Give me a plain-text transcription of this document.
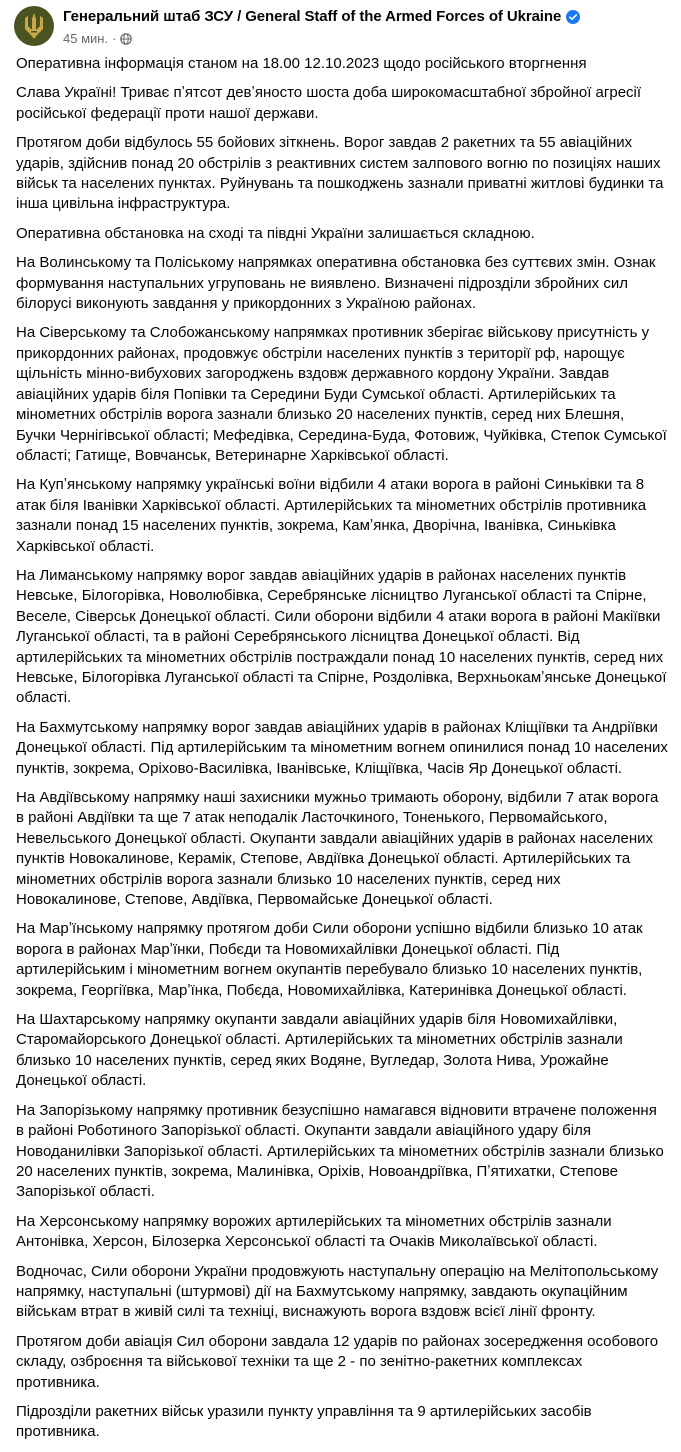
Генеральний штаб ЗСУ / General Staff of the Armed Forces of Ukraine
45 мин. ·

Оперативна інформація станом на 18.00 12.10.2023 щодо російського вторгнення

Слава Україні! Триває пʼятсот девʼяносто шоста доба широкомасштабної збройної агресії російської федерації проти нашої держави.

Протягом доби відбулось 55 бойових зіткнень. Ворог завдав 2 ракетних та 55 авіаційних ударів, здійснив понад 20 обстрілів з реактивних систем залпового вогню по позиціях наших військ та населених пунктах. Руйнувань та пошкоджень зазнали приватні житлові будинки та інша цивільна інфраструктура.

Оперативна обстановка на сході та півдні України залишається складною.

На Волинському та Поліському напрямках оперативна обстановка без суттєвих змін. Ознак формування наступальних угруповань не виявлено. Визначені підрозділи збройних сил білорусі виконують завдання у прикордонних з Україною районах.

На Сіверському та Слобожанському напрямках противник зберігає військову присутність у прикордонних районах, продовжує обстріли населених пунктів з території рф, нарощує щільність мінно-вибухових загороджень вздовж державного кордону України. Завдав авіаційних ударів біля Попівки та Середини Буди Сумської області. Артилерійських та мінометних обстрілів ворога зазнали близько 20 населених пунктів, серед них Блешня, Бучки Чернігівської області; Мефедівка, Середина-Буда, Фотовиж, Чуйківка, Степок Сумської області; Гатище, Вовчанськ, Ветеринарне Харківської області.

На Купʼянському напрямку українські воїни відбили 4 атаки ворога в районі Синьківки та 8 атак біля Іванівки Харківської області. Артилерійських та мінометних обстрілів противника зазнали понад 15 населених пунктів, зокрема, Камʼянка, Дворічна, Іванівка, Синьківка Харківської області.

На Лиманському напрямку ворог завдав авіаційних ударів в районах населених пунктів Невське, Білогорівка, Новолюбівка, Серебрянське лісництво Луганської області та Спірне, Веселе, Сіверськ Донецької області. Сили оборони відбили 4 атаки ворога в районі Макіївки Луганської області, та в районі Серебрянського лісництва Донецької області. Від артилерійських та мінометних обстрілів постраждали понад 10 населених пунктів, серед них Невське, Білогорівка Луганської області та Спірне, Роздолівка, Верхньокамʼянське Донецької області.

На Бахмутському напрямку ворог завдав авіаційних ударів в районах Кліщіївки та Андріївки Донецької області. Під артилерійським та мінометним вогнем опинилися понад 10 населених пунктів, зокрема, Оріхово-Василівка, Іванівське, Кліщіївка, Часів Яр Донецької області.

На Авдіївському напрямку наші захисники мужньо тримають оборону, відбили 7 атак ворога в районі Авдіївки та ще 7 атак неподалік Ласточкиного, Тоненького, Первомайського, Невельського Донецької області. Окупанти завдали авіаційних ударів в районах населених пунктів Новокалинове, Керамік, Степове, Авдіївка Донецької області. Артилерійських та мінометних обстрілів ворога зазнали близько 10 населених пунктів, серед них Новокалинове, Степове, Авдіївка, Первомайське Донецької області.

На Марʼїнському напрямку протягом доби Сили оборони успішно відбили близько 10 атак ворога в районах Марʼїнки, Побєди та Новомихайлівки Донецької області. Під артилерійським і мінометним вогнем окупантів перебувало близько 10 населених пунктів, зокрема, Георгіївка, Марʼїнка, Побєда, Новомихайлівка, Катеринівка Донецької області.

На Шахтарському напрямку окупанти завдали авіаційних ударів біля Новомихайлівки, Старомайорського Донецької області. Артилерійських та мінометних обстрілів зазнали близько 10 населених пунктів, серед яких Водяне, Вугледар, Золота Нива, Урожайне Донецької області.

На Запорізькому напрямку противник безуспішно намагався відновити втрачене положення в районі Роботиного Запорізької області. Окупанти завдали авіаційного удару біля Новоданилівки Запорізької області. Артилерійських та мінометних обстрілів зазнали близько 20 населених пунктів, зокрема, Малинівка, Оріхів, Новоандріївка, Пʼятихатки, Степове Запорізької області.

На Херсонському напрямку ворожих артилерійських та мінометних обстрілів зазнали Антонівка, Херсон, Білозерка Херсонської області та Очаків Миколаївської області.

Водночас, Сили оборони України продовжують наступальну операцію на Мелітопольському напрямку, наступальні (штурмові) дії на Бахмутському напрямку, завдають окупаційним військам втрат в живій силі та техніці, виснажують ворога вздовж всієї лінії фронту.

Протягом доби авіація Сил оборони завдала 12 ударів по районах зосередження особового складу, озброєння та військової техніки та ще 2 - по зенітно-ракетних комплексах противника.

Підрозділи ракетних військ уразили пункту управління та 9 артилерійських засобів противника.
